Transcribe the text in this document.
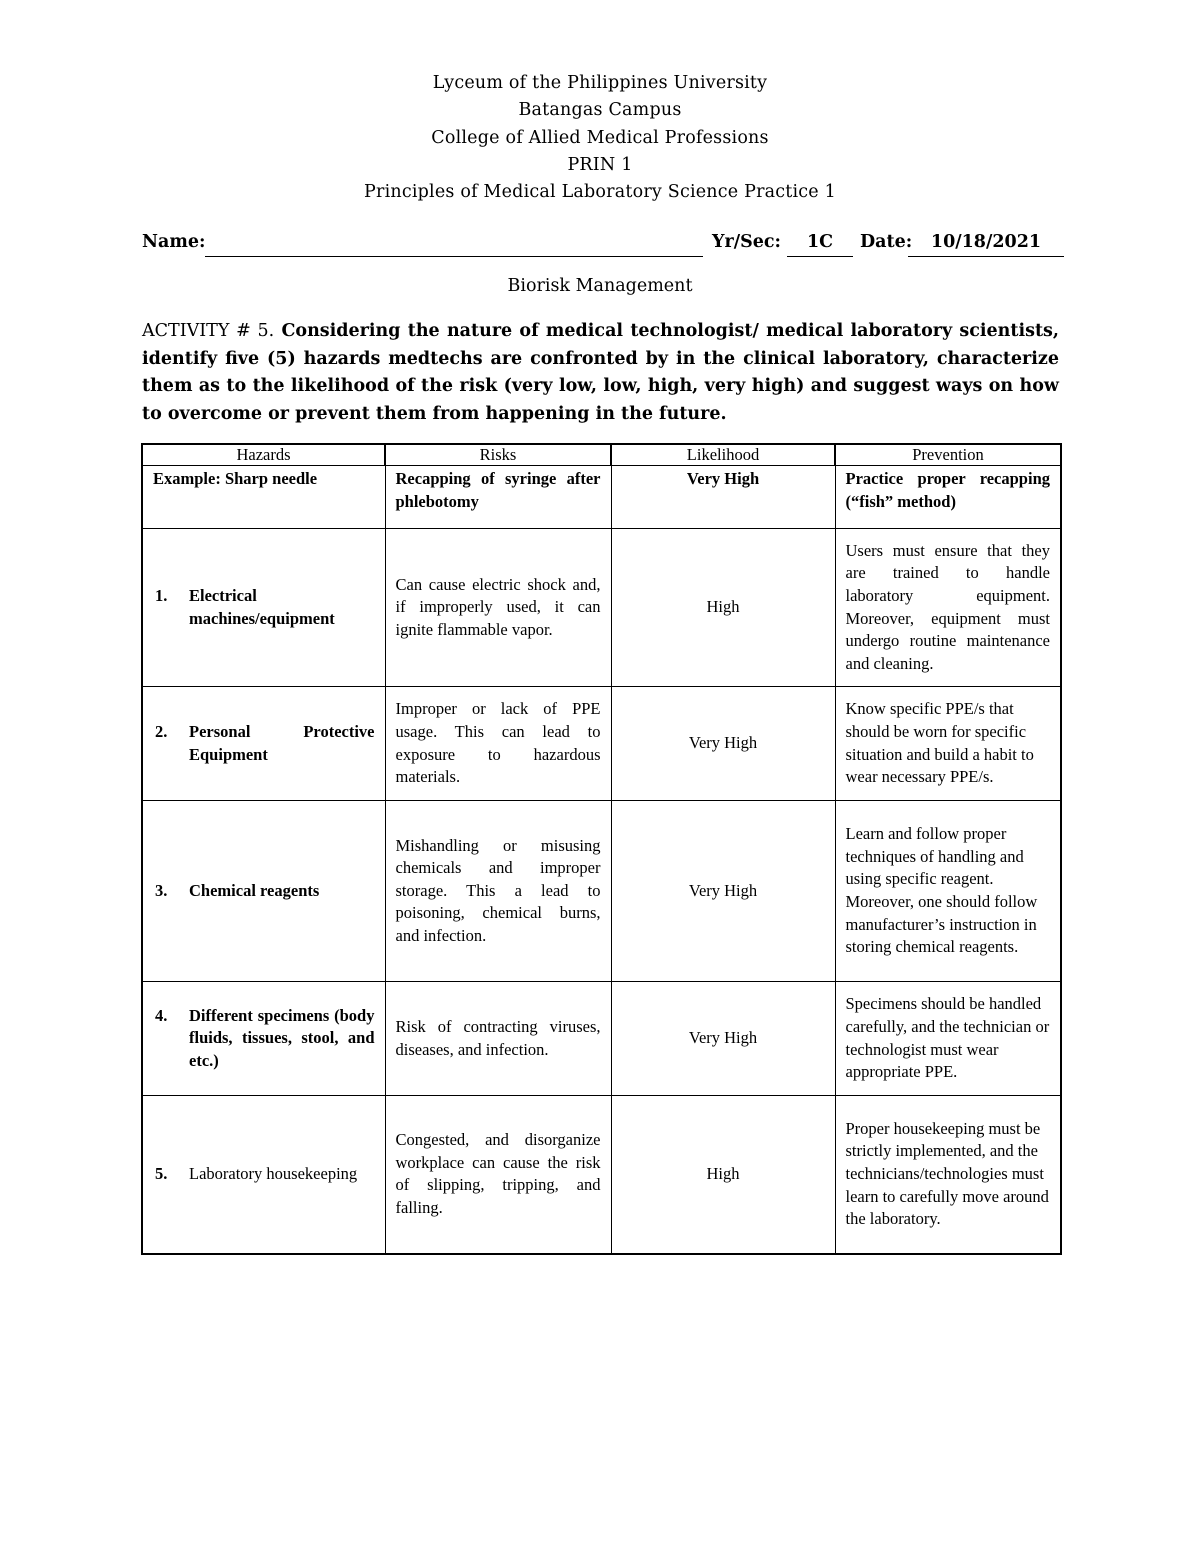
Lyceum of the Philippines University
Batangas Campus
College of Allied Medical Professions
PRIN 1
Principles of Medical Laboratory Science Practice 1
Name:	Yr/Sec:	1C	Date:	10/18/2021
Biorisk Management
ACTIVITY # 5. Considering the nature of medical technologist/ medical laboratory scientists, identify five (5) hazards medtechs are confronted by in the clinical laboratory, characterize them as to the likelihood of the risk (very low, low, high, very high) and suggest ways on how to overcome or prevent them from happening in the future.
Hazards	Risks	Likelihood	Prevention
Example: Sharp needle	Recapping of syringe after phlebotomy	Very High	Practice proper recapping (“fish” method)

1. Electrical machines/equipment	Can cause electric shock and, if improperly used, it can ignite flammable vapor.	High	Users must ensure that they are trained to handle laboratory equipment. Moreover, equipment must undergo routine maintenance and cleaning.

2. Personal Protective Equipment	Improper or lack of PPE usage. This can lead to exposure to hazardous materials.	Very High	Know specific PPE/s that should be worn for specific situation and build a habit to wear necessary PPE/s.

3. Chemical reagents	Mishandling or misusing chemicals and improper storage. This a lead to poisoning, chemical burns, and infection.	Very High	Learn and follow proper techniques of handling and using specific reagent. Moreover, one should follow manufacturer’s instruction in storing chemical reagents.

4. Different specimens (body fluids, tissues, stool, and etc.)	Risk of contracting viruses, diseases, and infection.	Very High	Specimens should be handled carefully, and the technician or technologist must wear appropriate PPE.

5. Laboratory housekeeping	Congested, and disorganize workplace can cause the risk of slipping, tripping, and falling.	High	Proper housekeeping must be strictly implemented, and the technicians/technologies must learn to carefully move around the laboratory.
